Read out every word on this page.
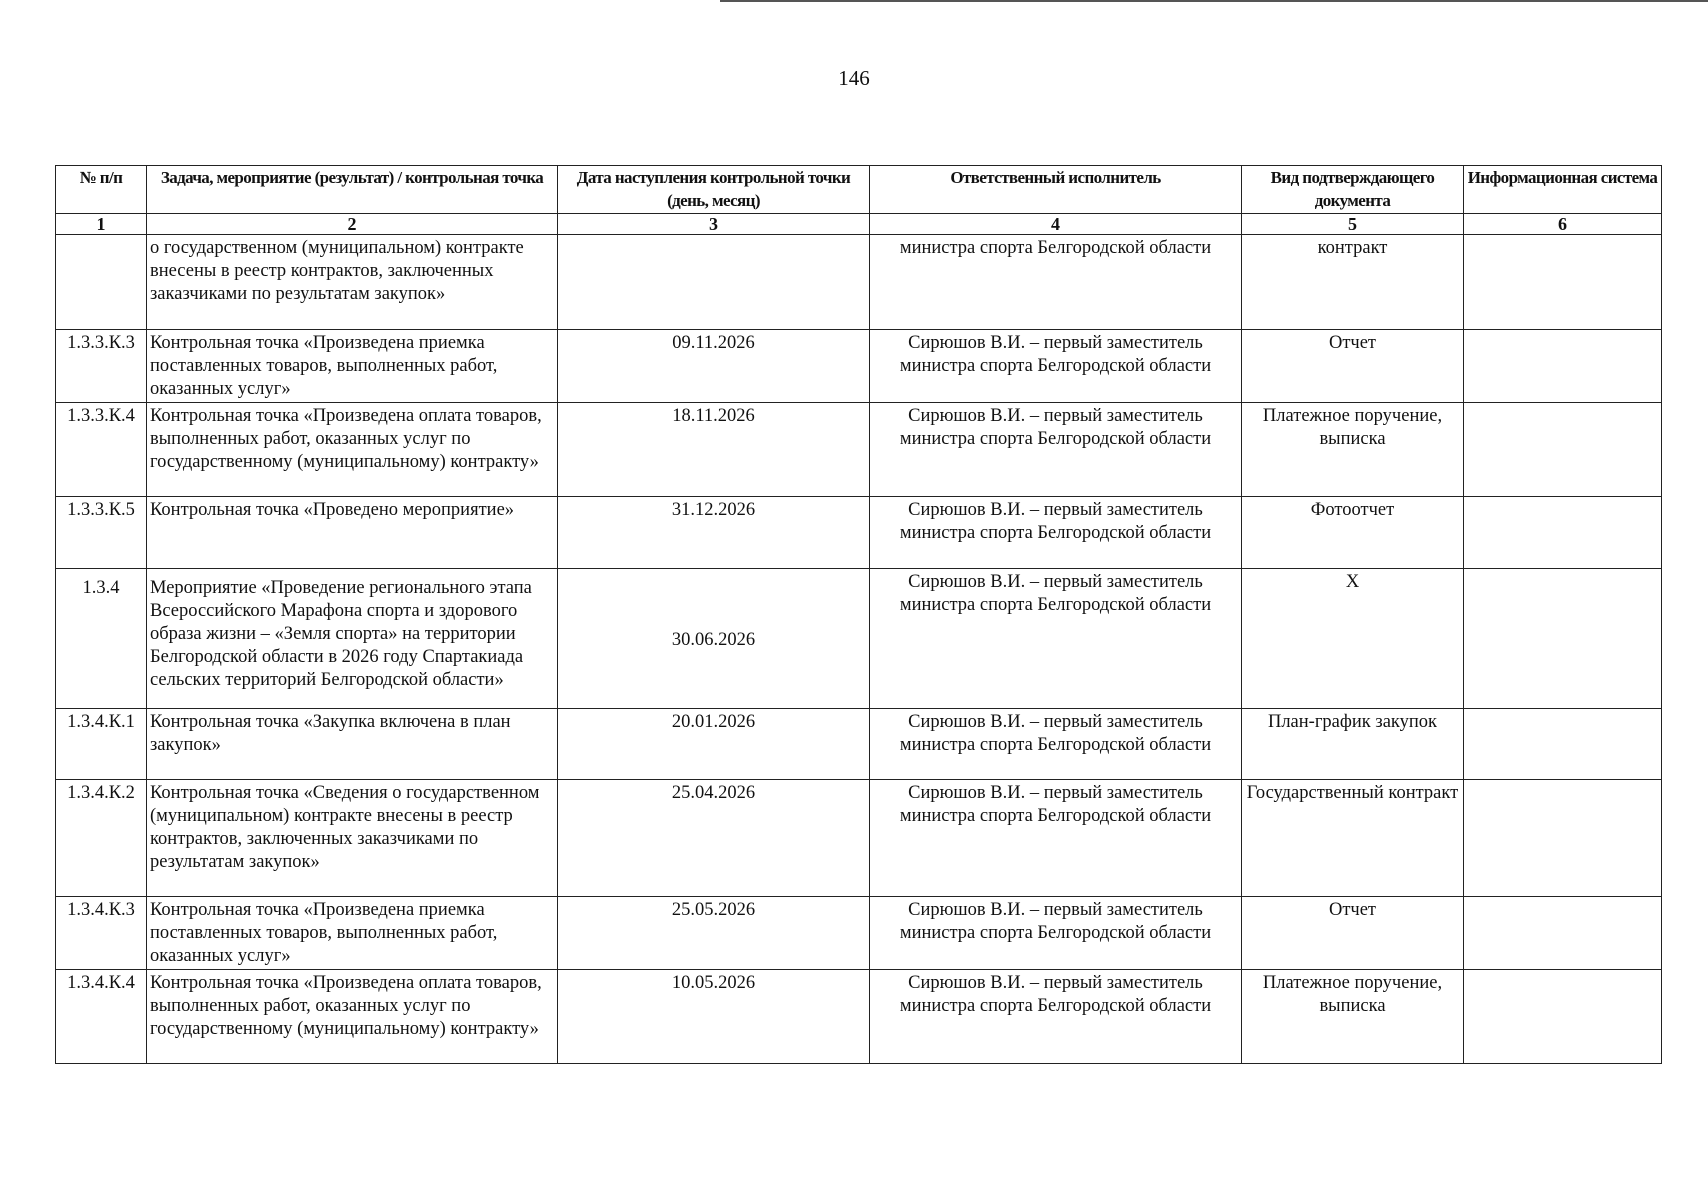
146
№ п/п	Задача, мероприятие (результат) / контрольная точка	Дата наступления контрольной точки (день, месяц)	Ответственный исполнитель	Вид подтверждающего документа	Информационная система
1	2	3	4	5	6
	о государственном (муниципальном) контракте внесены в реестр контрактов, заключенных заказчиками по результатам закупок»		министра спорта Белгородской области	контракт	
1.3.3.К.3	Контрольная точка «Произведена приемка поставленных товаров, выполненных работ, оказанных услуг»	09.11.2026	Сирюшов В.И. – первый заместитель министра спорта Белгородской области	Отчет	
1.3.3.К.4	Контрольная точка «Произведена оплата товаров, выполненных работ, оказанных услуг по государственному (муниципальному) контракту»	18.11.2026	Сирюшов В.И. – первый заместитель министра спорта Белгородской области	Платежное поручение, выписка	
1.3.3.К.5	Контрольная точка «Проведено мероприятие»	31.12.2026	Сирюшов В.И. – первый заместитель министра спорта Белгородской области	Фотоотчет	
1.3.4	Мероприятие «Проведение регионального этапа Всероссийского Марафона спорта и здорового образа жизни – «Земля спорта» на территории Белгородской области в 2026 году Спартакиада сельских территорий Белгородской области»	30.06.2026	Сирюшов В.И. – первый заместитель министра спорта Белгородской области	X	
1.3.4.К.1	Контрольная точка «Закупка включена в план закупок»	20.01.2026	Сирюшов В.И. – первый заместитель министра спорта Белгородской области	План-график закупок	
1.3.4.К.2	Контрольная точка «Сведения о государственном (муниципальном) контракте внесены в реестр контрактов, заключенных заказчиками по результатам закупок»	25.04.2026	Сирюшов В.И. – первый заместитель министра спорта Белгородской области	Государственный контракт	
1.3.4.К.3	Контрольная точка «Произведена приемка поставленных товаров, выполненных работ, оказанных услуг»	25.05.2026	Сирюшов В.И. – первый заместитель министра спорта Белгородской области	Отчет	
1.3.4.К.4	Контрольная точка «Произведена оплата товаров, выполненных работ, оказанных услуг по государственному (муниципальному) контракту»	10.05.2026	Сирюшов В.И. – первый заместитель министра спорта Белгородской области	Платежное поручение, выписка	
